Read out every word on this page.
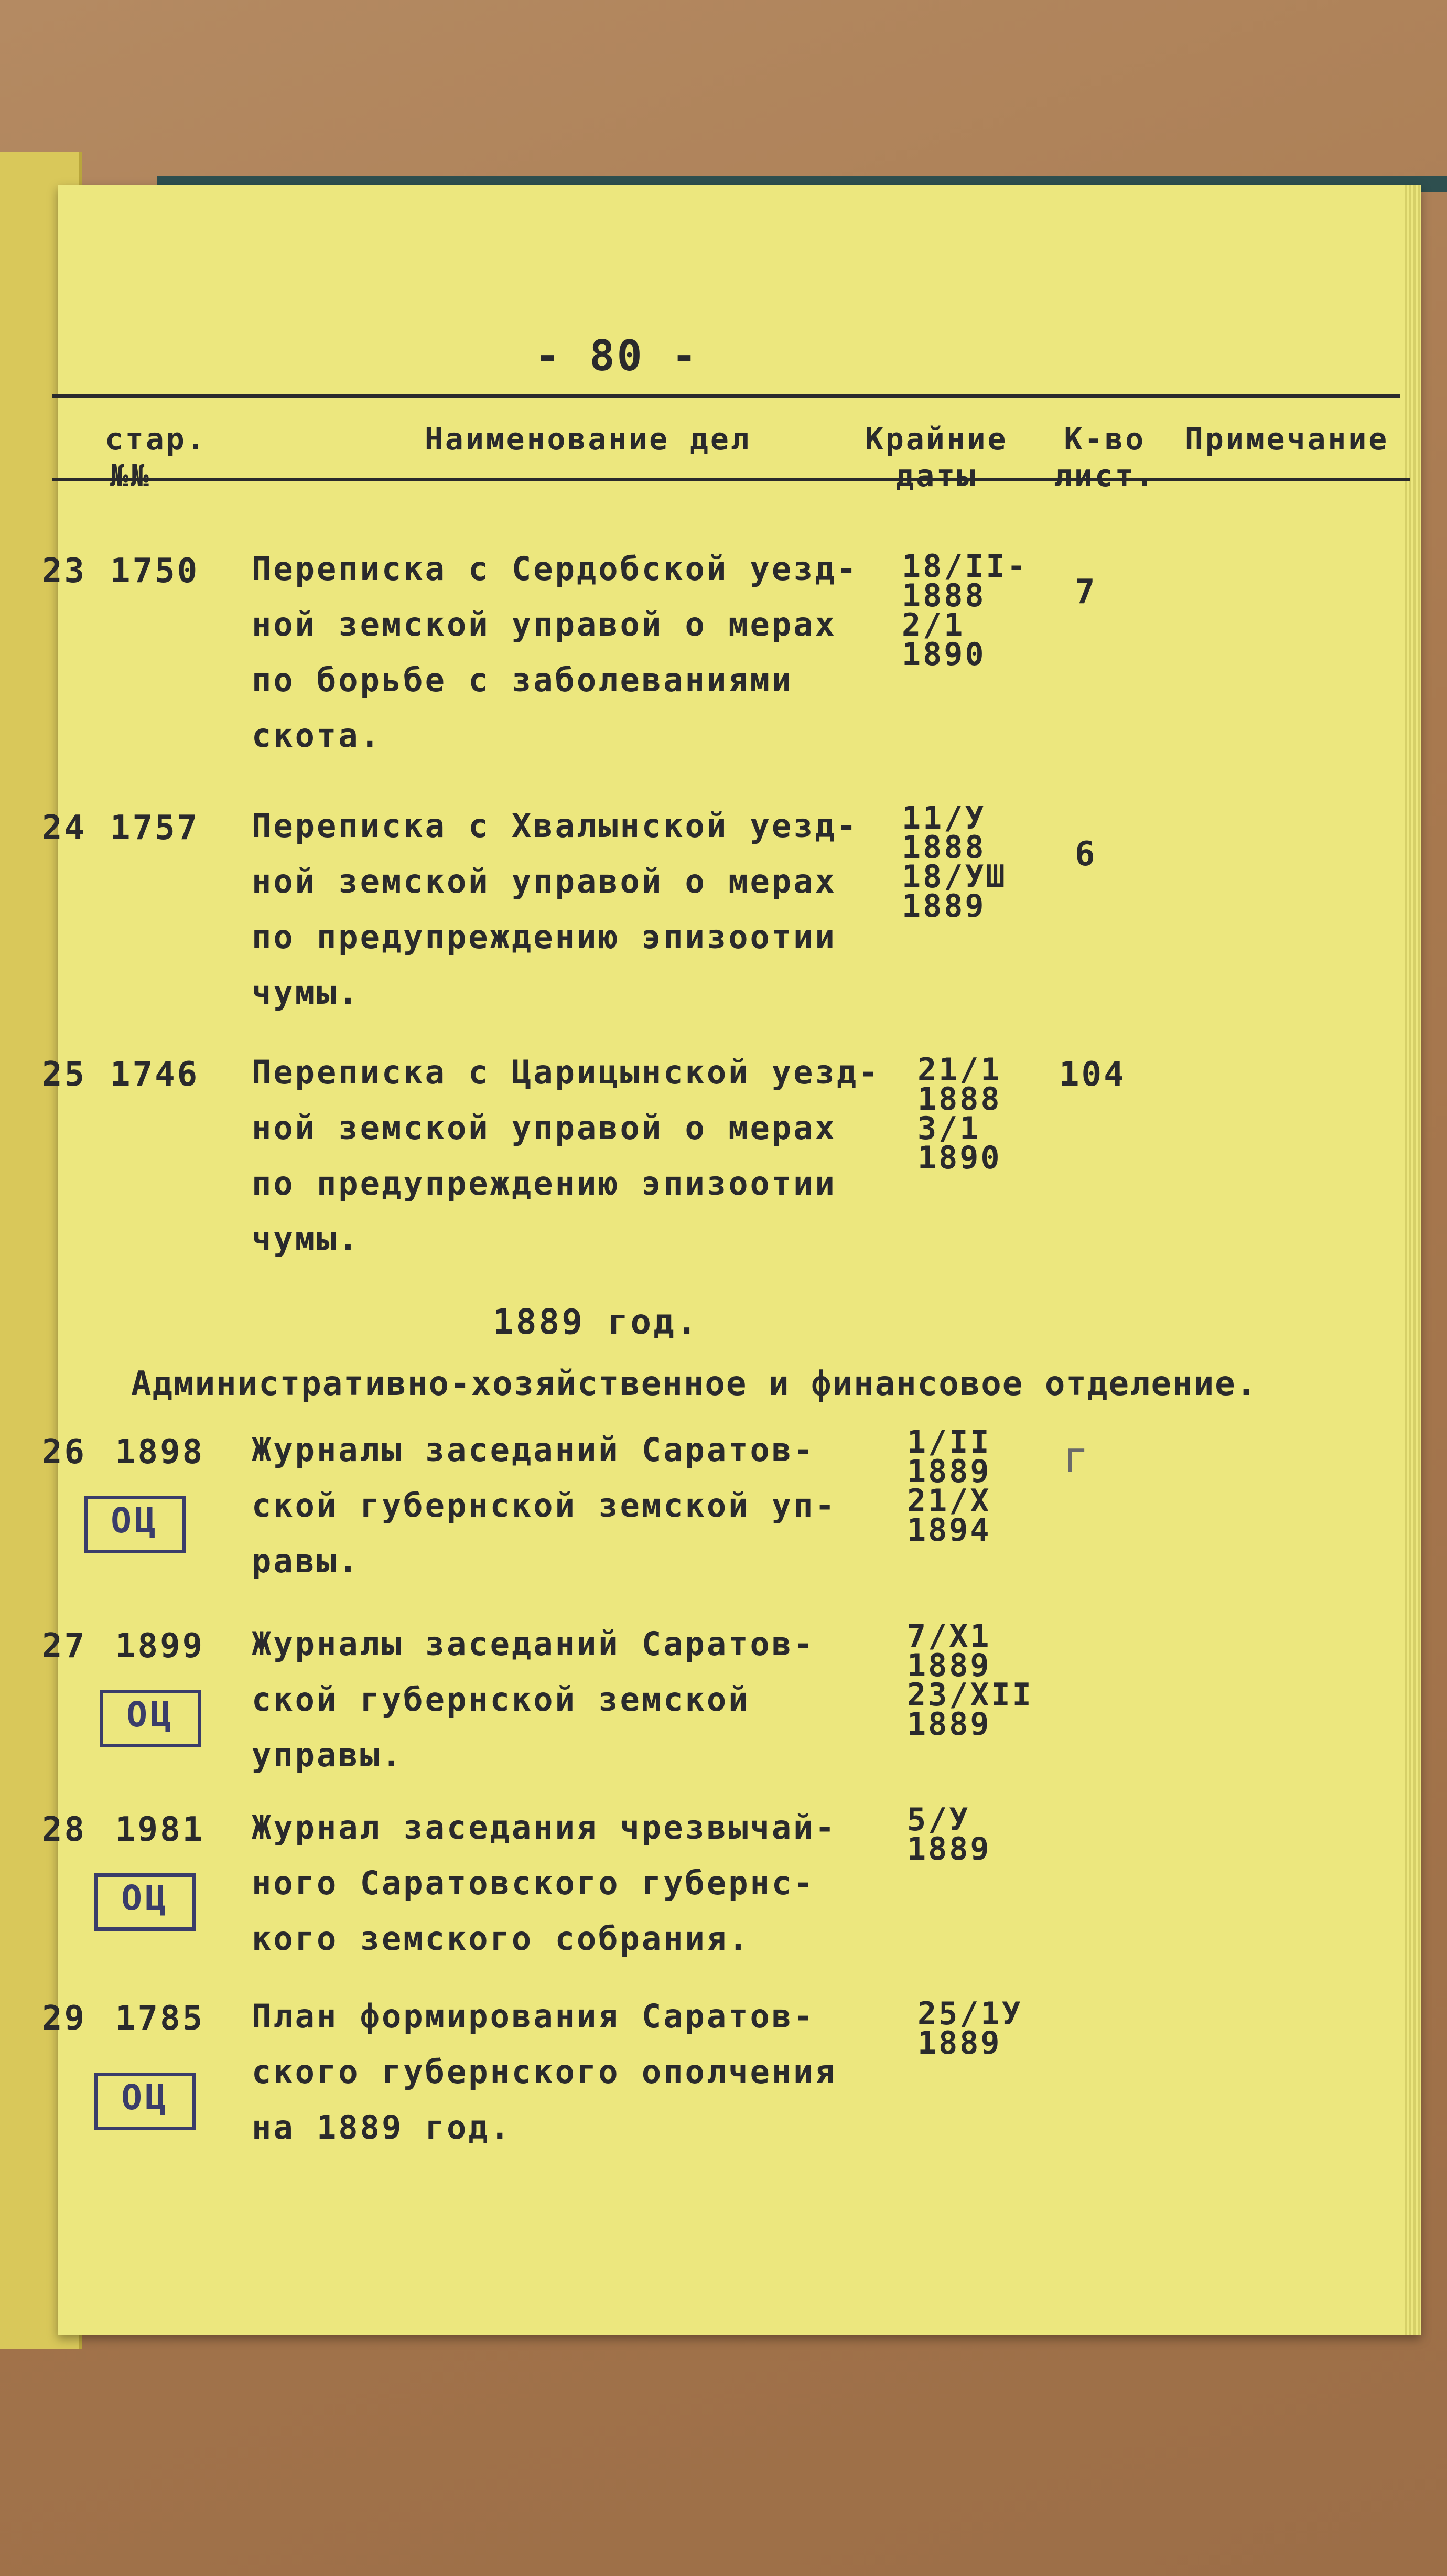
- 80 -
стар.
№№
Наименование дел	Крайние
даты
К-во
лист.
Примечание
23 1750 Переписка с Сердобской уезд-
ной земской управой о мерах
по борьбе с заболеваниями
скота.
18/II-
1888
2/1
1890
7
24 1757 Переписка с Хвалынской уезд-
ной земской управой о мерах
по предупреждению эпизоотии
чумы.
11/У
1888
18/УШ
1889
6
25 1746 Переписка с Царицынской уезд-
ной земской управой о мерах
по предупреждению эпизоотии
чумы.
21/1
1888
3/1
1890
104
1889 год.
Административно-хозяйственное и финансовое отделение.
26 1898
ОЦ
Журналы заседаний Саратов-
ской губернской земской уп-
равы.
1/II
1889
21/Х
1894
г
27 1899
ОЦ
Журналы заседаний Саратов-
ской губернской земской
управы.
7/Х1
1889
23/ХII
1889
28 1981
ОЦ
Журнал заседания чрезвычай-
ного Саратовского губернс-
кого земского собрания.
5/У
1889
29 1785
ОЦ
План формирования Саратов-
ского губернского ополчения
на 1889 год.
25/1У
1889
